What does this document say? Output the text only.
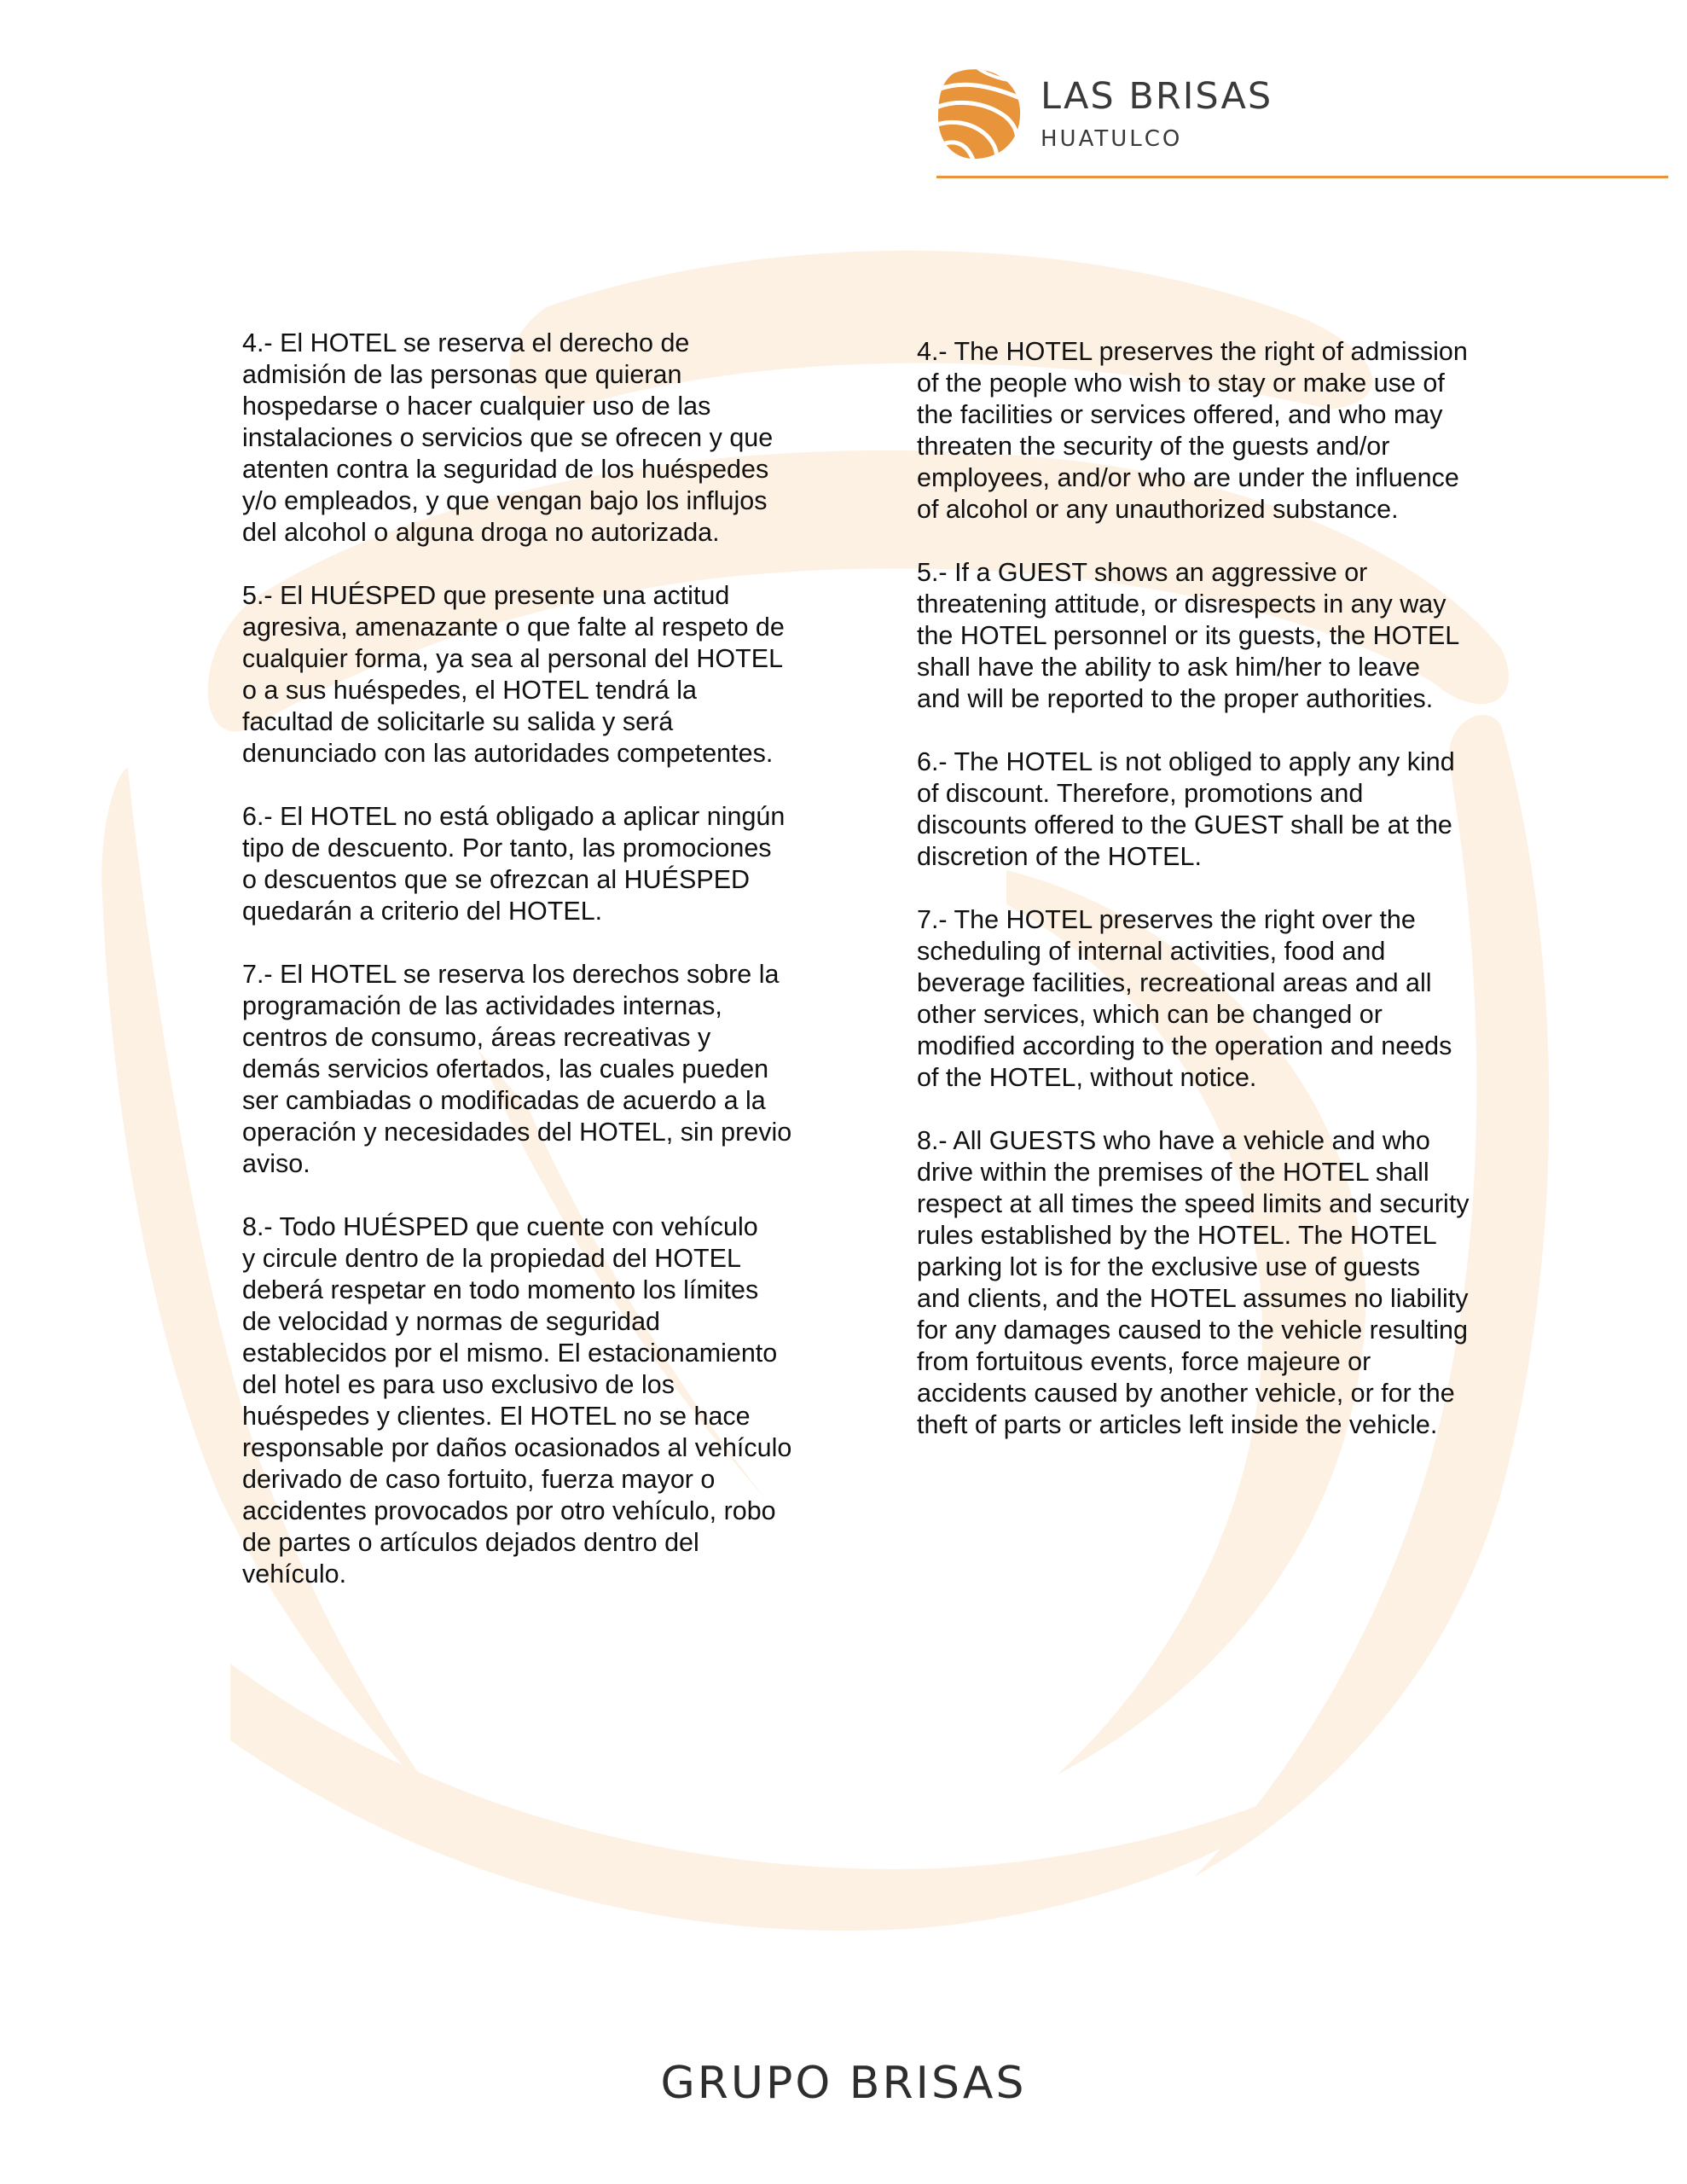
LAS BRISAS
HUATULCO

4.- El HOTEL se reserva el derecho de
admisión de las personas que quieran
hospedarse o hacer cualquier uso de las
instalaciones o servicios que se ofrecen y que
atenten contra la seguridad de los huéspedes
y/o empleados, y que vengan bajo los influjos
del alcohol o alguna droga no autorizada.

5.- El HUÉSPED que presente una actitud
agresiva, amenazante o que falte al respeto de
cualquier forma, ya sea al personal del HOTEL
o a sus huéspedes, el HOTEL tendrá la
facultad de solicitarle su salida y será
denunciado con las autoridades competentes.

6.- El HOTEL no está obligado a aplicar ningún
tipo de descuento. Por tanto, las promociones
o descuentos que se ofrezcan al HUÉSPED
quedarán a criterio del HOTEL.

7.- El HOTEL se reserva los derechos sobre la
programación de las actividades internas,
centros de consumo, áreas recreativas y
demás servicios ofertados, las cuales pueden
ser cambiadas o modificadas de acuerdo a la
operación y necesidades del HOTEL, sin previo
aviso.

8.- Todo HUÉSPED que cuente con vehículo
y circule dentro de la propiedad del HOTEL
deberá respetar en todo momento los límites
de velocidad y normas de seguridad
establecidos por el mismo. El estacionamiento
del hotel es para uso exclusivo de los
huéspedes y clientes. El HOTEL no se hace
responsable por daños ocasionados al vehículo
derivado de caso fortuito, fuerza mayor o
accidentes provocados por otro vehículo, robo
de partes o artículos dejados dentro del
vehículo.

4.- The HOTEL preserves the right of admission
of the people who wish to stay or make use of
the facilities or services offered, and who may
threaten the security of the guests and/or
employees, and/or who are under the influence
of alcohol or any unauthorized substance.

5.- If a GUEST shows an aggressive or
threatening attitude, or disrespects in any way
the HOTEL personnel or its guests, the HOTEL
shall have the ability to ask him/her to leave
and will be reported to the proper authorities.

6.- The HOTEL is not obliged to apply any kind
of discount. Therefore, promotions and
discounts offered to the GUEST shall be at the
discretion of the HOTEL.

7.- The HOTEL preserves the right over the
scheduling of internal activities, food and
beverage facilities, recreational areas and all
other services, which can be changed or
modified according to the operation and needs
of the HOTEL, without notice.

8.- All GUESTS who have a vehicle and who
drive within the premises of the HOTEL shall
respect at all times the speed limits and security
rules established by the HOTEL. The HOTEL
parking lot is for the exclusive use of guests
and clients, and the HOTEL assumes no liability
for any damages caused to the vehicle resulting
from fortuitous events, force majeure or
accidents caused by another vehicle, or for the
theft of parts or articles left inside the vehicle.

GRUPO BRISAS
